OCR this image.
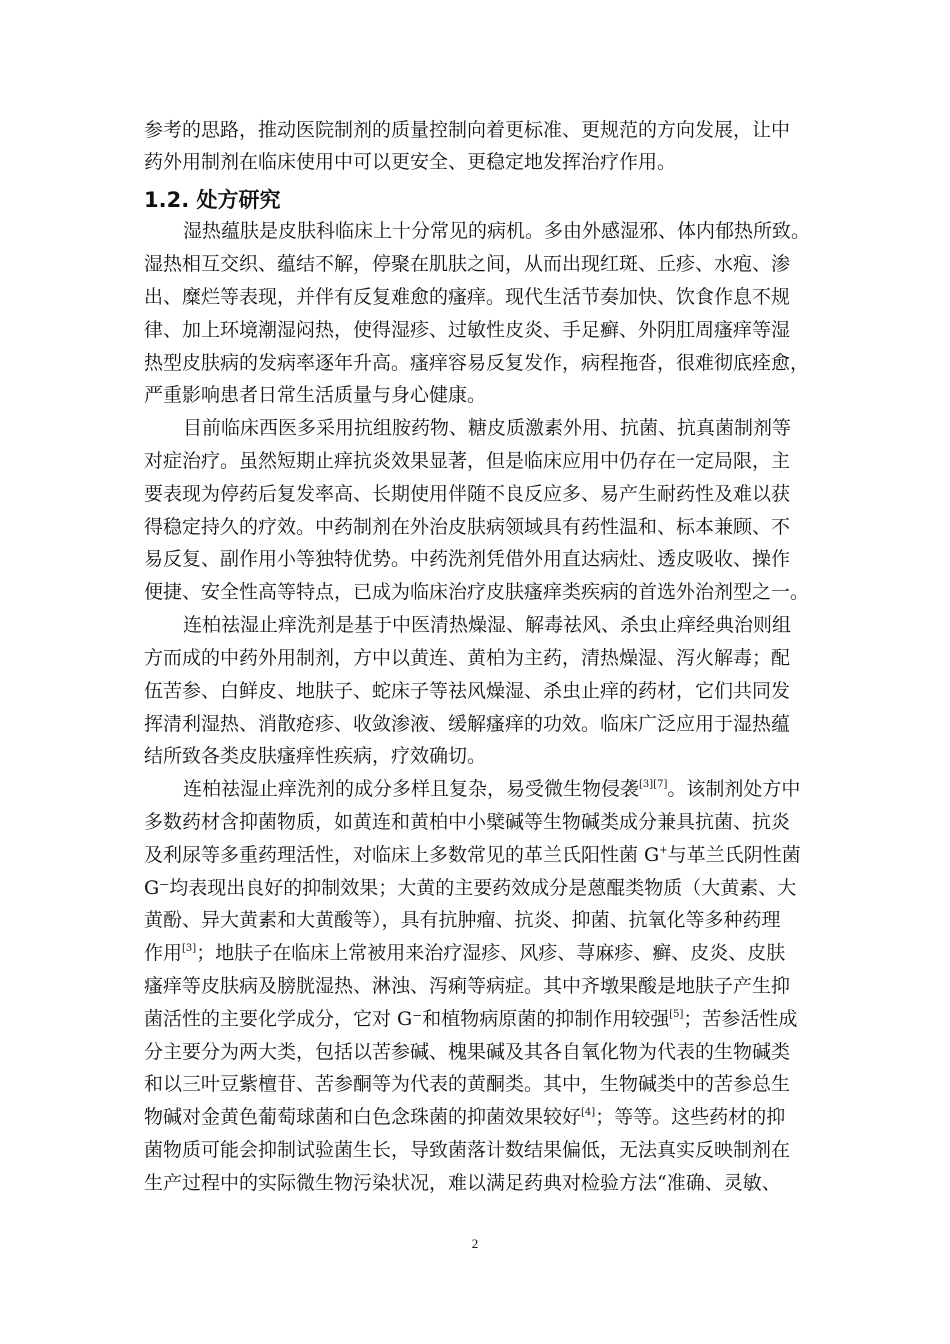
参考的思路，推动医院制剂的质量控制向着更标准、更规范的方向发展，让中
药外用制剂在临床使用中可以更安全、更稳定地发挥治疗作用。
1.2. 处方研究
湿热蕴肤是皮肤科临床上十分常见的病机。多由外感湿邪、体内郁热所致。
湿热相互交织、蕴结不解，停聚在肌肤之间，从而出现红斑、丘疹、水疱、渗
出、糜烂等表现，并伴有反复难愈的瘙痒。现代生活节奏加快、饮食作息不规
律、加上环境潮湿闷热，使得湿疹、过敏性皮炎、手足癣、外阴肛周瘙痒等湿
热型皮肤病的发病率逐年升高。瘙痒容易反复发作，病程拖沓，很难彻底痊愈，
严重影响患者日常生活质量与身心健康。
目前临床西医多采用抗组胺药物、糖皮质激素外用、抗菌、抗真菌制剂等
对症治疗。虽然短期止痒抗炎效果显著，但是临床应用中仍存在一定局限，主
要表现为停药后复发率高、长期使用伴随不良反应多、易产生耐药性及难以获
得稳定持久的疗效。中药制剂在外治皮肤病领域具有药性温和、标本兼顾、不
易反复、副作用小等独特优势。中药洗剂凭借外用直达病灶、透皮吸收、操作
便捷、安全性高等特点，已成为临床治疗皮肤瘙痒类疾病的首选外治剂型之一。
连柏祛湿止痒洗剂是基于中医清热燥湿、解毒祛风、杀虫止痒经典治则组
方而成的中药外用制剂，方中以黄连、黄柏为主药，清热燥湿、泻火解毒；配
伍苦参、白鲜皮、地肤子、蛇床子等祛风燥湿、杀虫止痒的药材，它们共同发
挥清利湿热、消散疮疹、收敛渗液、缓解瘙痒的功效。临床广泛应用于湿热蕴
结所致各类皮肤瘙痒性疾病，疗效确切。
连柏祛湿止痒洗剂的成分多样且复杂，易受微生物侵袭[3][7]。该制剂处方中
多数药材含抑菌物质，如黄连和黄柏中小檗碱等生物碱类成分兼具抗菌、抗炎
及利尿等多重药理活性，对临床上多数常见的革兰氏阳性菌 G+与革兰氏阴性菌
G⁻均表现出良好的抑制效果；大黄的主要药效成分是蒽醌类物质（大黄素、大
黄酚、异大黄素和大黄酸等），具有抗肿瘤、抗炎、抑菌、抗氧化等多种药理
作用[3]；地肤子在临床上常被用来治疗湿疹、风疹、荨麻疹、癣、皮炎、皮肤
瘙痒等皮肤病及膀胱湿热、淋浊、泻痢等病症。其中齐墩果酸是地肤子产生抑
菌活性的主要化学成分，它对 G⁻和植物病原菌的抑制作用较强[5]；苦参活性成
分主要分为两大类，包括以苦参碱、槐果碱及其各自氧化物为代表的生物碱类
和以三叶豆紫檀苷、苦参酮等为代表的黄酮类。其中，生物碱类中的苦参总生
物碱对金黄色葡萄球菌和白色念珠菌的抑菌效果较好[4]；等等。这些药材的抑
菌物质可能会抑制试验菌生长，导致菌落计数结果偏低，无法真实反映制剂在
生产过程中的实际微生物污染状况，难以满足药典对检验方法“准确、灵敏、
2
